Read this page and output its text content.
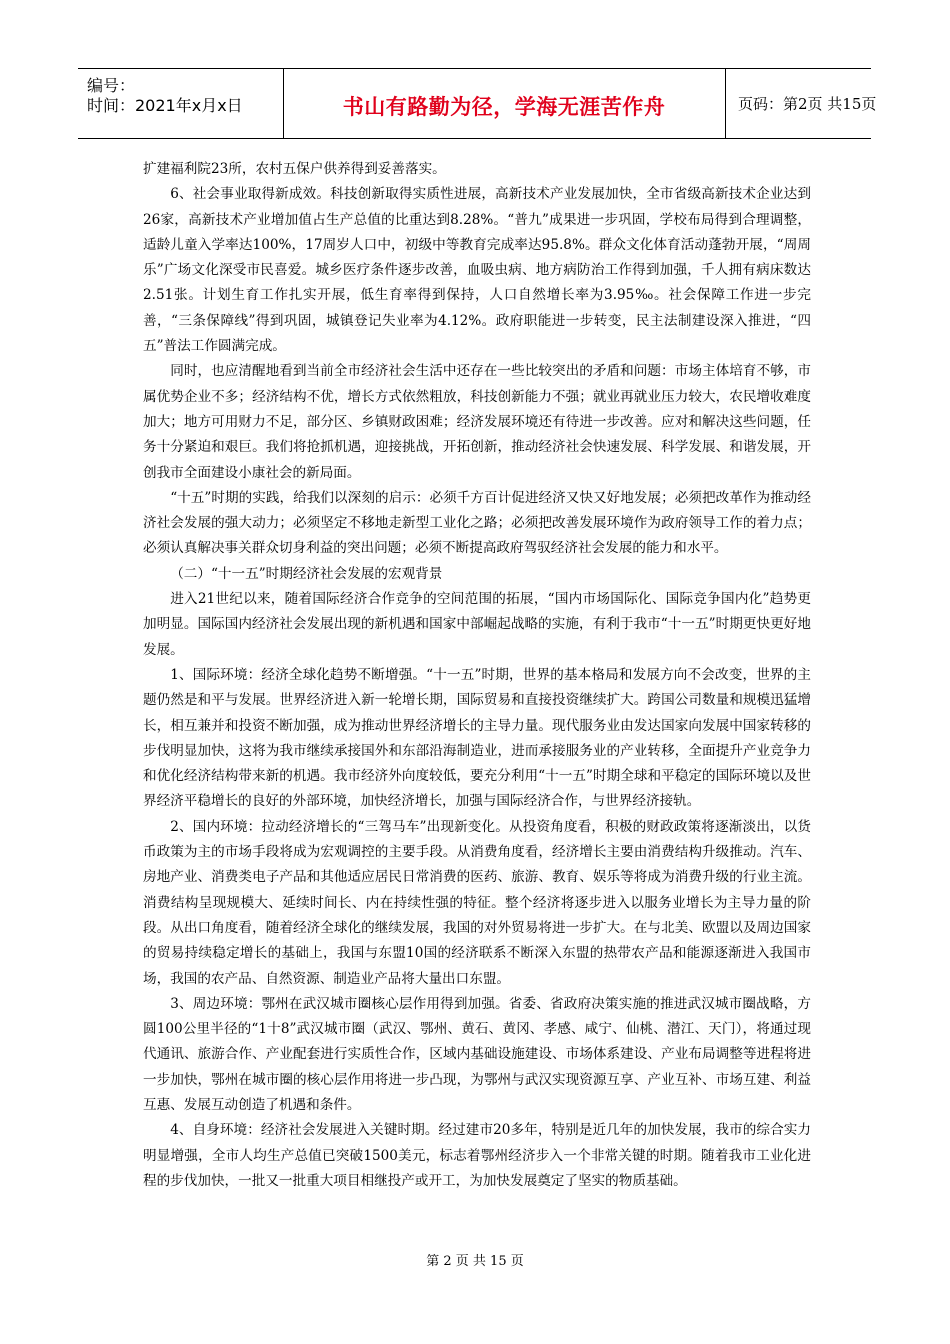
编号：
时间：2021年x月x日	书山有路勤为径，学海无涯苦作舟	页码：第2页 共15页

扩建福利院23所，农村五保户供养得到妥善落实。

6、社会事业取得新成效。科技创新取得实质性进展，高新技术产业发展加快，全市省级高新技术企业达到26家，高新技术产业增加值占生产总值的比重达到8.28%。“普九”成果进一步巩固，学校布局得到合理调整，适龄儿童入学率达100%，17周岁人口中，初级中等教育完成率达95.8%。群众文化体育活动蓬勃开展，“周周乐”广场文化深受市民喜爱。城乡医疗条件逐步改善，血吸虫病、地方病防治工作得到加强，千人拥有病床数达2.51张。计划生育工作扎实开展，低生育率得到保持，人口自然增长率为3.95‰。社会保障工作进一步完善，“三条保障线”得到巩固，城镇登记失业率为4.12%。政府职能进一步转变，民主法制建设深入推进，“四五”普法工作圆满完成。

同时，也应清醒地看到当前全市经济社会生活中还存在一些比较突出的矛盾和问题：市场主体培育不够，市属优势企业不多；经济结构不优，增长方式依然粗放，科技创新能力不强；就业再就业压力较大，农民增收难度加大；地方可用财力不足，部分区、乡镇财政困难；经济发展环境还有待进一步改善。应对和解决这些问题，任务十分紧迫和艰巨。我们将抢抓机遇，迎接挑战，开拓创新，推动经济社会快速发展、科学发展、和谐发展，开创我市全面建设小康社会的新局面。

“十五”时期的实践，给我们以深刻的启示：必须千方百计促进经济又快又好地发展；必须把改革作为推动经济社会发展的强大动力；必须坚定不移地走新型工业化之路；必须把改善发展环境作为政府领导工作的着力点；必须认真解决事关群众切身利益的突出问题；必须不断提高政府驾驭经济社会发展的能力和水平。

（二）“十一五”时期经济社会发展的宏观背景

进入21世纪以来，随着国际经济合作竞争的空间范围的拓展，“国内市场国际化、国际竞争国内化”趋势更加明显。国际国内经济社会发展出现的新机遇和国家中部崛起战略的实施，有利于我市“十一五”时期更快更好地发展。

1、国际环境：经济全球化趋势不断增强。“十一五”时期，世界的基本格局和发展方向不会改变，世界的主题仍然是和平与发展。世界经济进入新一轮增长期，国际贸易和直接投资继续扩大。跨国公司数量和规模迅猛增长，相互兼并和投资不断加强，成为推动世界经济增长的主导力量。现代服务业由发达国家向发展中国家转移的步伐明显加快，这将为我市继续承接国外和东部沿海制造业，进而承接服务业的产业转移，全面提升产业竞争力和优化经济结构带来新的机遇。我市经济外向度较低，要充分利用“十一五”时期全球和平稳定的国际环境以及世界经济平稳增长的良好的外部环境，加快经济增长，加强与国际经济合作，与世界经济接轨。

2、国内环境：拉动经济增长的“三驾马车”出现新变化。从投资角度看，积极的财政政策将逐渐淡出，以货币政策为主的市场手段将成为宏观调控的主要手段。从消费角度看，经济增长主要由消费结构升级推动。汽车、房地产业、消费类电子产品和其他适应居民日常消费的医药、旅游、教育、娱乐等将成为消费升级的行业主流。消费结构呈现规模大、延续时间长、内在持续性强的特征。整个经济将逐步进入以服务业增长为主导力量的阶段。从出口角度看，随着经济全球化的继续发展，我国的对外贸易将进一步扩大。在与北美、欧盟以及周边国家的贸易持续稳定增长的基础上，我国与东盟10国的经济联系不断深入东盟的热带农产品和能源逐渐进入我国市场，我国的农产品、自然资源、制造业产品将大量出口东盟。

3、周边环境：鄂州在武汉城市圈核心层作用得到加强。省委、省政府决策实施的推进武汉城市圈战略，方圆100公里半径的“1十8”武汉城市圈（武汉、鄂州、黄石、黄冈、孝感、咸宁、仙桃、潜江、天门），将通过现代通讯、旅游合作、产业配套进行实质性合作，区域内基础设施建设、市场体系建设、产业布局调整等进程将进一步加快，鄂州在城市圈的核心层作用将进一步凸现，为鄂州与武汉实现资源互享、产业互补、市场互建、利益互惠、发展互动创造了机遇和条件。

4、自身环境：经济社会发展进入关键时期。经过建市20多年，特别是近几年的加快发展，我市的综合实力明显增强，全市人均生产总值已突破1500美元，标志着鄂州经济步入一个非常关键的时期。随着我市工业化进程的步伐加快，一批又一批重大项目相继投产或开工，为加快发展奠定了坚实的物质基础。

第 2 页 共 15 页
